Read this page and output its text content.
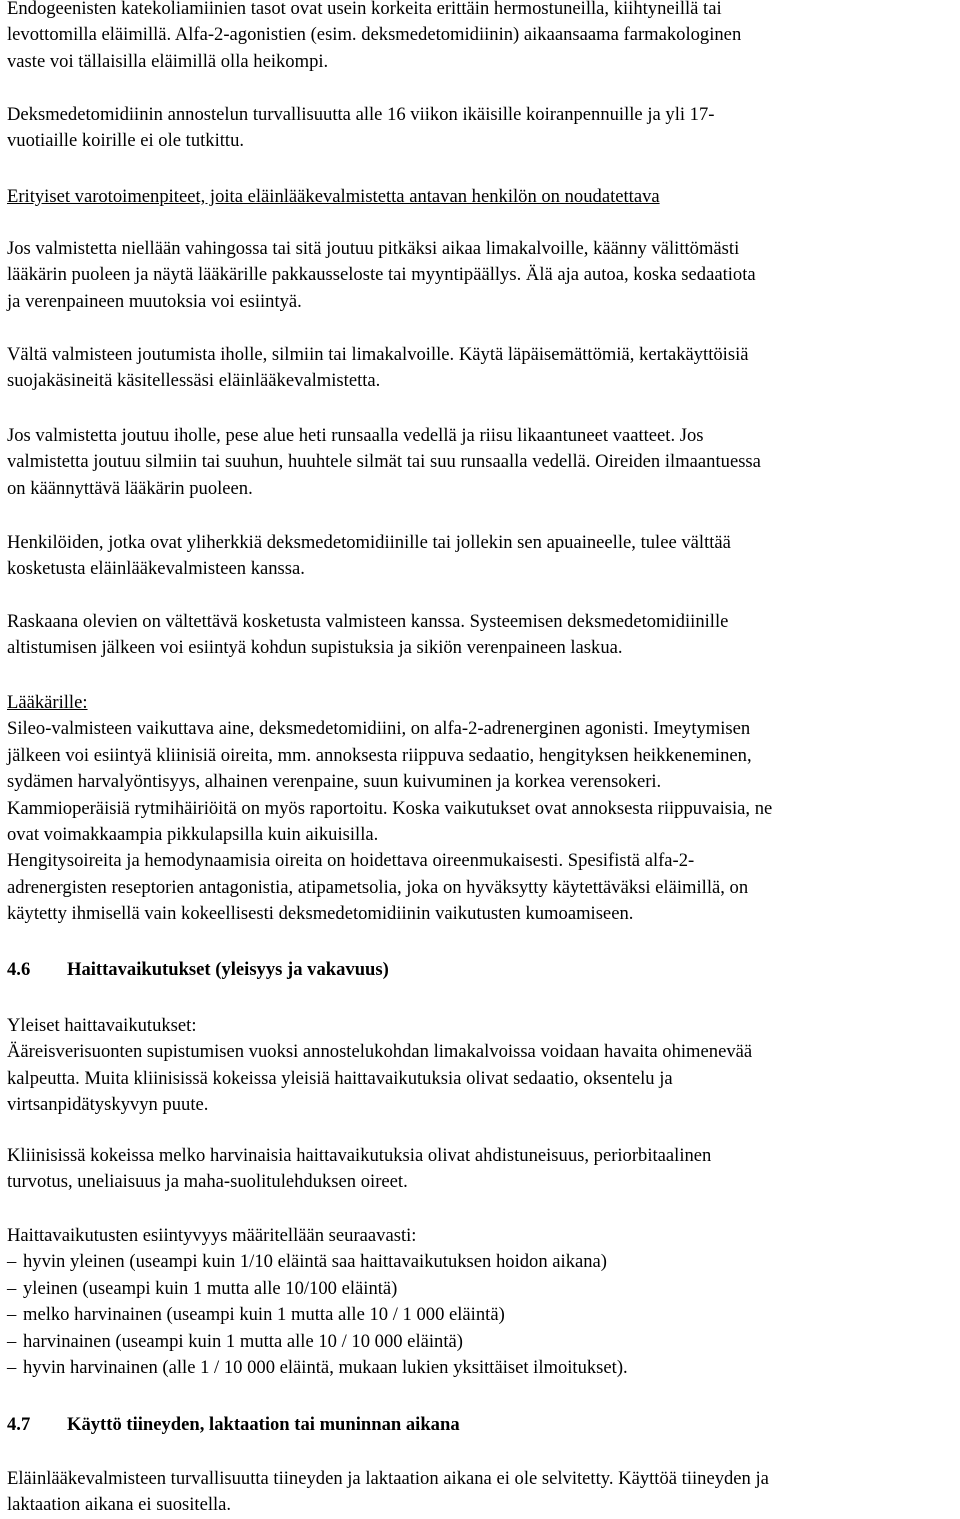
Endogeenisten katekoliamiinien tasot ovat usein korkeita erittäin hermostuneilla, kiihtyneillä tai
levottomilla eläimillä. Alfa-2-agonistien (esim. deksmedetomidiinin) aikaansaama farmakologinen
vaste voi tällaisilla eläimillä olla heikompi.
Deksmedetomidiinin annostelun turvallisuutta alle 16 viikon ikäisille koiranpennuille ja yli 17-
vuotiaille koirille ei ole tutkittu.
Erityiset varotoimenpiteet, joita eläinlääkevalmistetta antavan henkilön on noudatettava
Jos valmistetta niellään vahingossa tai sitä joutuu pitkäksi aikaa limakalvoille, käänny välittömästi
lääkärin puoleen ja näytä lääkärille pakkausseloste tai myyntipäällys. Älä aja autoa, koska sedaatiota
ja verenpaineen muutoksia voi esiintyä.
Vältä valmisteen joutumista iholle, silmiin tai limakalvoille. Käytä läpäisemättömiä, kertakäyttöisiä
suojakäsineitä käsitellessäsi eläinlääkevalmistetta.
Jos valmistetta joutuu iholle, pese alue heti runsaalla vedellä ja riisu likaantuneet vaatteet. Jos
valmistetta joutuu silmiin tai suuhun, huuhtele silmät tai suu runsaalla vedellä. Oireiden ilmaantuessa
on käännyttävä lääkärin puoleen.
Henkilöiden, jotka ovat yliherkkiä deksmedetomidiinille tai jollekin sen apuaineelle, tulee välttää
kosketusta eläinlääkevalmisteen kanssa.
Raskaana olevien on vältettävä kosketusta valmisteen kanssa. Systeemisen deksmedetomidiinille
altistumisen jälkeen voi esiintyä kohdun supistuksia ja sikiön verenpaineen laskua.
Lääkärille:
Sileo-valmisteen vaikuttava aine, deksmedetomidiini, on alfa-2-adrenerginen agonisti. Imeytymisen
jälkeen voi esiintyä kliinisiä oireita, mm. annoksesta riippuva sedaatio, hengityksen heikkeneminen,
sydämen harvalyöntisyys, alhainen verenpaine, suun kuivuminen ja korkea verensokeri.
Kammioperäisiä rytmihäiriöitä on myös raportoitu. Koska vaikutukset ovat annoksesta riippuvaisia, ne
ovat voimakkaampia pikkulapsilla kuin aikuisilla.
Hengitysoireita ja hemodynaamisia oireita on hoidettava oireenmukaisesti. Spesifistä alfa-2-
adrenergisten reseptorien antagonistia, atipametsolia, joka on hyväksytty käytettäväksi eläimillä, on
käytetty ihmisellä vain kokeellisesti deksmedetomidiinin vaikutusten kumoamiseen.
4.6 Haittavaikutukset (yleisyys ja vakavuus)
Yleiset haittavaikutukset:
Ääreisverisuonten supistumisen vuoksi annostelukohdan limakalvoissa voidaan havaita ohimenevää
kalpeutta. Muita kliinisissä kokeissa yleisiä haittavaikutuksia olivat sedaatio, oksentelu ja
virtsanpidätyskyvyn puute.
Kliinisissä kokeissa melko harvinaisia haittavaikutuksia olivat ahdistuneisuus, periorbitaalinen
turvotus, uneliaisuus ja maha-suolitulehduksen oireet.
Haittavaikutusten esiintyvyys määritellään seuraavasti:
– hyvin yleinen (useampi kuin 1/10 eläintä saa haittavaikutuksen hoidon aikana)
– yleinen (useampi kuin 1 mutta alle 10/100 eläintä)
– melko harvinainen (useampi kuin 1 mutta alle 10 / 1 000 eläintä)
– harvinainen (useampi kuin 1 mutta alle 10 / 10 000 eläintä)
– hyvin harvinainen (alle 1 / 10 000 eläintä, mukaan lukien yksittäiset ilmoitukset).
4.7 Käyttö tiineyden, laktaation tai muninnan aikana
Eläinlääkevalmisteen turvallisuutta tiineyden ja laktaation aikana ei ole selvitetty. Käyttöä tiineyden ja
laktaation aikana ei suositella.
